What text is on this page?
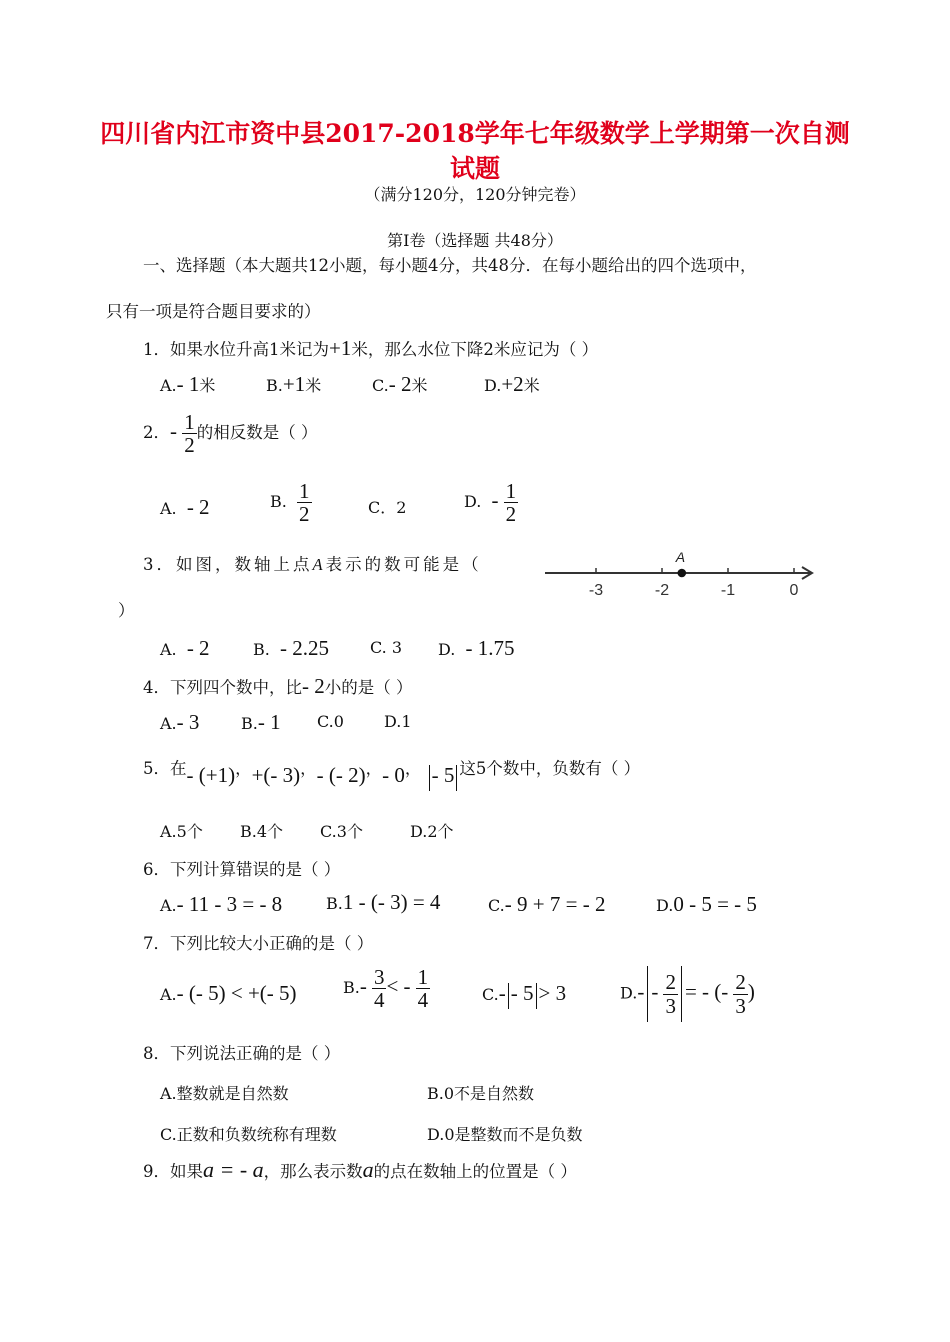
四川省内江市资中县2017-2018学年七年级数学上学期第一次自测
试题
（满分120分，120分钟完卷）
第Ⅰ卷（选择题 共48分）
一、选择题（本大题共12小题，每小题4分，共48分．在每小题给出的四个选项中，
只有一项是符合题目要求的）
1．如果水位升高1米记为+1米，那么水位下降2米应记为（ ）
A.- 1米	B.+1米	C.- 2米	D.+2米
2．- $\frac{1}{2}$ 的相反数是（ ）
A. - 2	B. $\frac{1}{2}$	C．2	D. - $\frac{1}{2}$
3．如图，数轴上点A表示的数可能是（
）
-3	-2	-1	0
A
A. - 2	B. - 2.25	C. 3 D. - 1.75
4．下列四个数中，比- 2小的是（ ）
A.- 3	B.- 1 C.0	D.1
5．在- (+1)，+(- 3)，- (- 2)，- 0， - 5 这5个数中，负数有（ ）
A.5个 B.4个 C.3个	D.2个
6．下列计算错误的是（ ）
A.- 11 - 3 = - 8	B.1 - (- 3) = 4	C.- 9 + 7 = - 2	D.0 - 5 = - 5
7．下列比较大小正确的是（ ）
A.- (- 5) < +(- 5)	$B.- \frac{3}{4}$ < - $\frac{1}{4}$	C.- - 5 > 3	$D.- - \frac{2}{3}$ = - (- $\frac{2}{3}$ )
8．下列说法正确的是（ ）
A.整数就是自然数	B.0不是自然数
C.正数和负数统称有理数	D.0是整数而不是负数
9．如果a = - a，那么表示数a的点在数轴上的位置是（ ）
